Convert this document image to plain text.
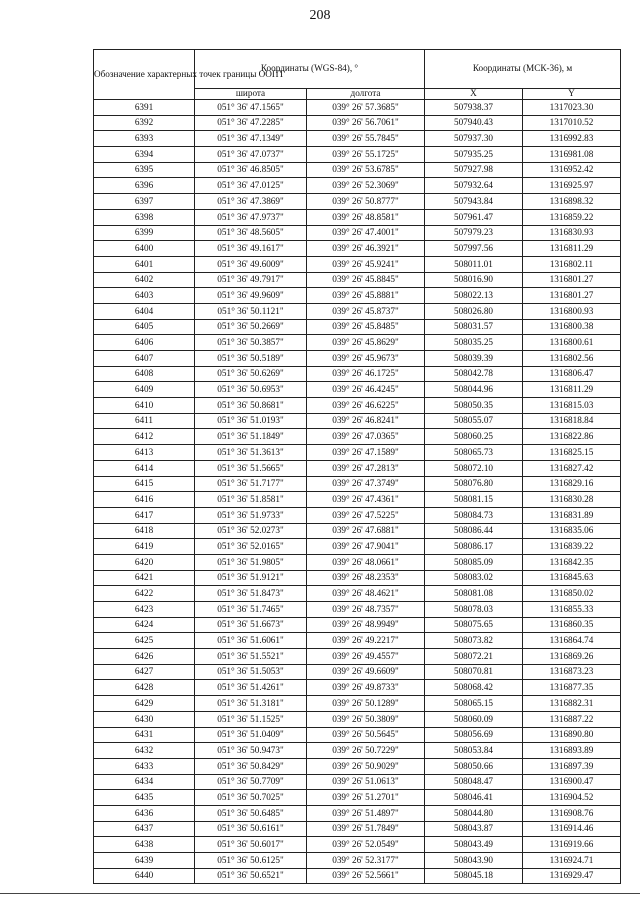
208
Обозначение характерных точек границы ООПТ	Координаты (WGS-84), °		Координаты (МСК-36), м	
	широта	долгота	X	Y
6391	051° 36' 47.1565"	039° 26' 57.3685"	507938.37	1317023.30
6392	051° 36' 47.2285"	039° 26' 56.7061"	507940.43	1317010.52
6393	051° 36' 47.1349"	039° 26' 55.7845"	507937.30	1316992.83
6394	051° 36' 47.0737"	039° 26' 55.1725"	507935.25	1316981.08
6395	051° 36' 46.8505"	039° 26' 53.6785"	507927.98	1316952.42
6396	051° 36' 47.0125"	039° 26' 52.3069"	507932.64	1316925.97
6397	051° 36' 47.3869"	039° 26' 50.8777"	507943.84	1316898.32
6398	051° 36' 47.9737"	039° 26' 48.8581"	507961.47	1316859.22
6399	051° 36' 48.5605"	039° 26' 47.4001"	507979.23	1316830.93
6400	051° 36' 49.1617"	039° 26' 46.3921"	507997.56	1316811.29
6401	051° 36' 49.6009"	039° 26' 45.9241"	508011.01	1316802.11
6402	051° 36' 49.7917"	039° 26' 45.8845"	508016.90	1316801.27
6403	051° 36' 49.9609"	039° 26' 45.8881"	508022.13	1316801.27
6404	051° 36' 50.1121"	039° 26' 45.8737"	508026.80	1316800.93
6405	051° 36' 50.2669"	039° 26' 45.8485"	508031.57	1316800.38
6406	051° 36' 50.3857"	039° 26' 45.8629"	508035.25	1316800.61
6407	051° 36' 50.5189"	039° 26' 45.9673"	508039.39	1316802.56
6408	051° 36' 50.6269"	039° 26' 46.1725"	508042.78	1316806.47
6409	051° 36' 50.6953"	039° 26' 46.4245"	508044.96	1316811.29
6410	051° 36' 50.8681"	039° 26' 46.6225"	508050.35	1316815.03
6411	051° 36' 51.0193"	039° 26' 46.8241"	508055.07	1316818.84
6412	051° 36' 51.1849"	039° 26' 47.0365"	508060.25	1316822.86
6413	051° 36' 51.3613"	039° 26' 47.1589"	508065.73	1316825.15
6414	051° 36' 51.5665"	039° 26' 47.2813"	508072.10	1316827.42
6415	051° 36' 51.7177"	039° 26' 47.3749"	508076.80	1316829.16
6416	051° 36' 51.8581"	039° 26' 47.4361"	508081.15	1316830.28
6417	051° 36' 51.9733"	039° 26' 47.5225"	508084.73	1316831.89
6418	051° 36' 52.0273"	039° 26' 47.6881"	508086.44	1316835.06
6419	051° 36' 52.0165"	039° 26' 47.9041"	508086.17	1316839.22
6420	051° 36' 51.9805"	039° 26' 48.0661"	508085.09	1316842.35
6421	051° 36' 51.9121"	039° 26' 48.2353"	508083.02	1316845.63
6422	051° 36' 51.8473"	039° 26' 48.4621"	508081.08	1316850.02
6423	051° 36' 51.7465"	039° 26' 48.7357"	508078.03	1316855.33
6424	051° 36' 51.6673"	039° 26' 48.9949"	508075.65	1316860.35
6425	051° 36' 51.6061"	039° 26' 49.2217"	508073.82	1316864.74
6426	051° 36' 51.5521"	039° 26' 49.4557"	508072.21	1316869.26
6427	051° 36' 51.5053"	039° 26' 49.6609"	508070.81	1316873.23
6428	051° 36' 51.4261"	039° 26' 49.8733"	508068.42	1316877.35
6429	051° 36' 51.3181"	039° 26' 50.1289"	508065.15	1316882.31
6430	051° 36' 51.1525"	039° 26' 50.3809"	508060.09	1316887.22
6431	051° 36' 51.0409"	039° 26' 50.5645"	508056.69	1316890.80
6432	051° 36' 50.9473"	039° 26' 50.7229"	508053.84	1316893.89
6433	051° 36' 50.8429"	039° 26' 50.9029"	508050.66	1316897.39
6434	051° 36' 50.7709"	039° 26' 51.0613"	508048.47	1316900.47
6435	051° 36' 50.7025"	039° 26' 51.2701"	508046.41	1316904.52
6436	051° 36' 50.6485"	039° 26' 51.4897"	508044.80	1316908.76
6437	051° 36' 50.6161"	039° 26' 51.7849"	508043.87	1316914.46
6438	051° 36' 50.6017"	039° 26' 52.0549"	508043.49	1316919.66
6439	051° 36' 50.6125"	039° 26' 52.3177"	508043.90	1316924.71
6440	051° 36' 50.6521"	039° 26' 52.5661"	508045.18	1316929.47
